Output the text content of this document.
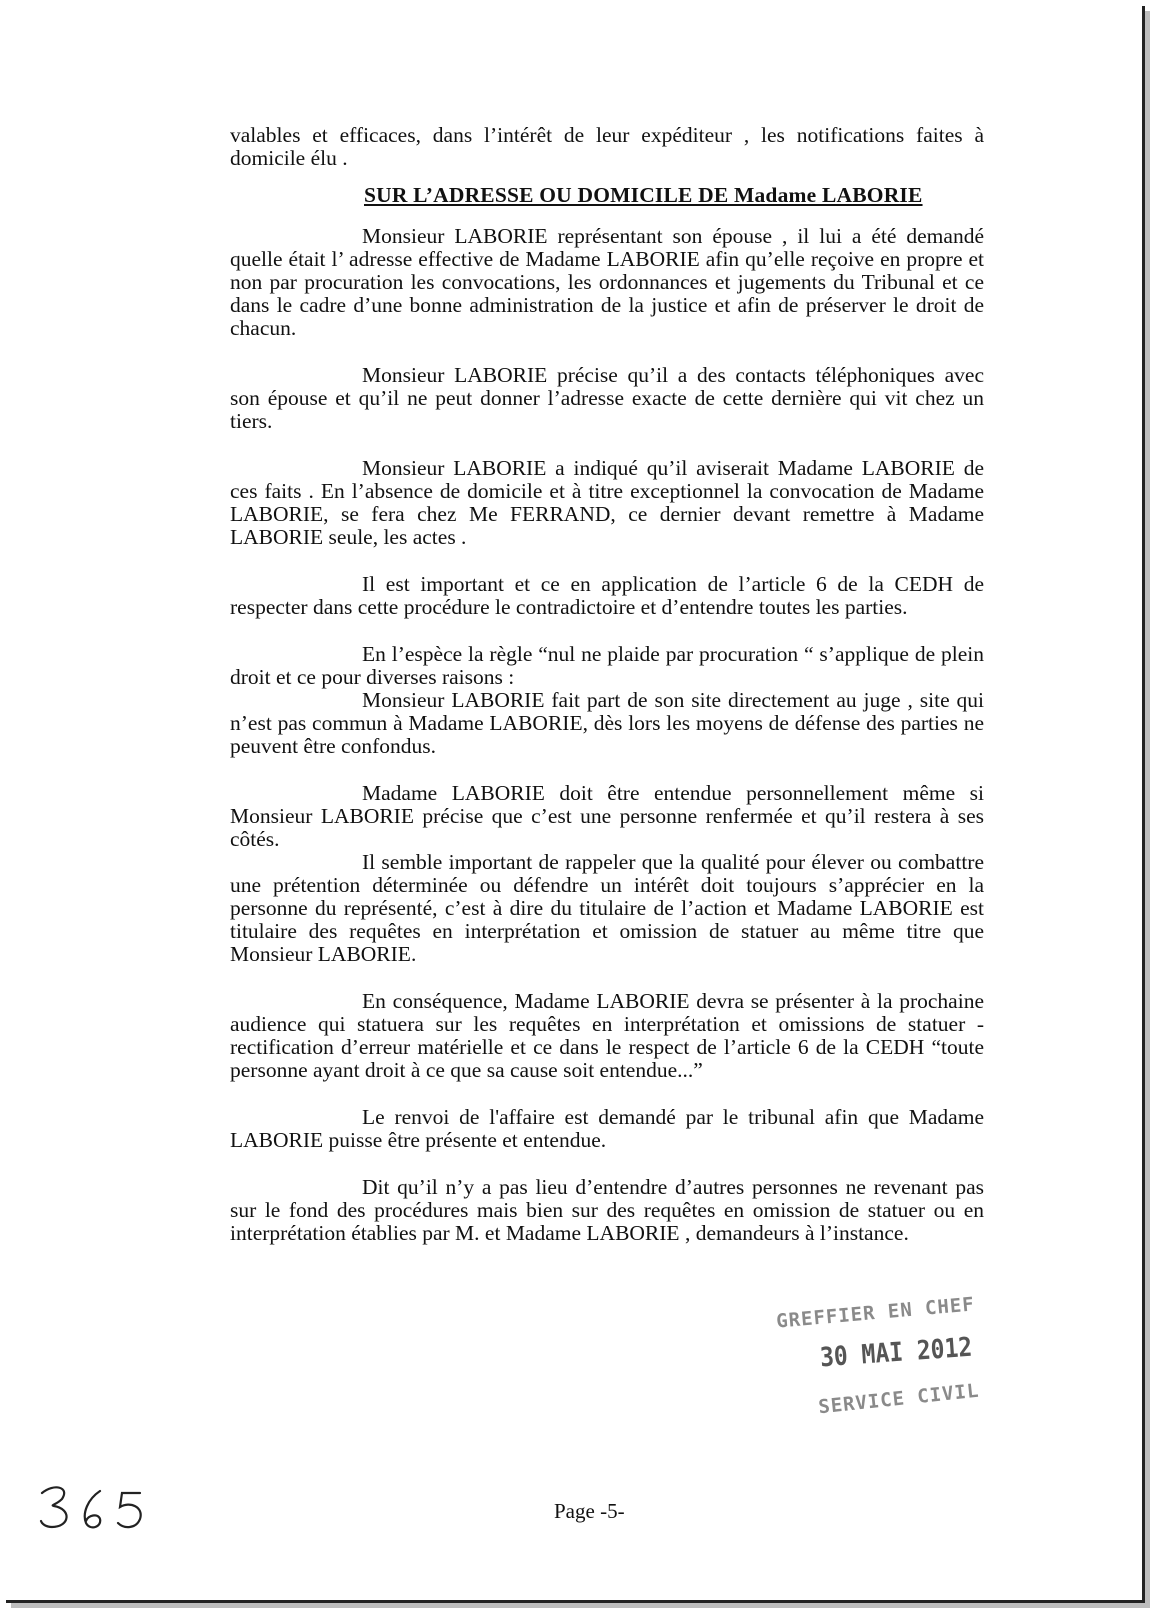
valables et efficaces, dans l’intérêt de leur expéditeur , les notifications faites à domicile élu .

SUR L’ADRESSE OU DOMICILE DE Madame LABORIE

Monsieur LABORIE représentant son épouse , il lui a été demandé quelle était l’ adresse effective de Madame LABORIE afin qu’elle reçoive en propre et non par procuration les convocations, les ordonnances et jugements du Tribunal et ce dans le cadre d’une bonne administration de la justice et afin de préserver le droit de chacun.

Monsieur LABORIE précise qu’il a des contacts téléphoniques avec son épouse et qu’il ne peut donner l’adresse exacte de cette dernière qui vit chez un tiers.

Monsieur LABORIE a indiqué qu’il aviserait Madame LABORIE de ces faits . En l’absence de domicile et à titre exceptionnel la convocation de Madame LABORIE, se fera chez Me FERRAND, ce dernier devant remettre à Madame LABORIE seule, les actes .

Il est important et ce en application de l’article 6 de la CEDH de respecter dans cette procédure le contradictoire et d’entendre toutes les parties.

En l’espèce la règle “nul ne plaide par procuration “ s’applique de plein droit et ce pour diverses raisons :

Monsieur LABORIE fait part de son site directement au juge , site qui n’est pas commun à Madame LABORIE, dès lors les moyens de défense des parties ne peuvent être confondus.

Madame LABORIE doit être entendue personnellement même si Monsieur LABORIE précise que c’est une personne renfermée et qu’il restera à ses côtés.

Il semble important de rappeler que la qualité pour élever ou combattre une prétention déterminée ou défendre un intérêt doit toujours s’apprécier en la personne du représenté, c’est à dire du titulaire de l’action et Madame LABORIE est titulaire des requêtes en interprétation et omission de statuer au même titre que Monsieur LABORIE.

En conséquence, Madame LABORIE devra se présenter à la prochaine audience qui statuera sur les requêtes en interprétation et omissions de statuer - rectification d’erreur matérielle et ce dans le respect de l’article 6 de la CEDH “toute personne ayant droit à ce que sa cause soit entendue...”

Le renvoi de l'affaire est demandé par le tribunal afin que Madame LABORIE puisse être présente et entendue.

Dit qu’il n’y a pas lieu d’entendre d’autres personnes ne revenant pas sur le fond des procédures mais bien sur des requêtes en omission de statuer ou en interprétation établies par M. et Madame LABORIE , demandeurs à l’instance.

GREFFIER EN CHEF
30 MAI 2012
SERVICE CIVIL
Page -5-
